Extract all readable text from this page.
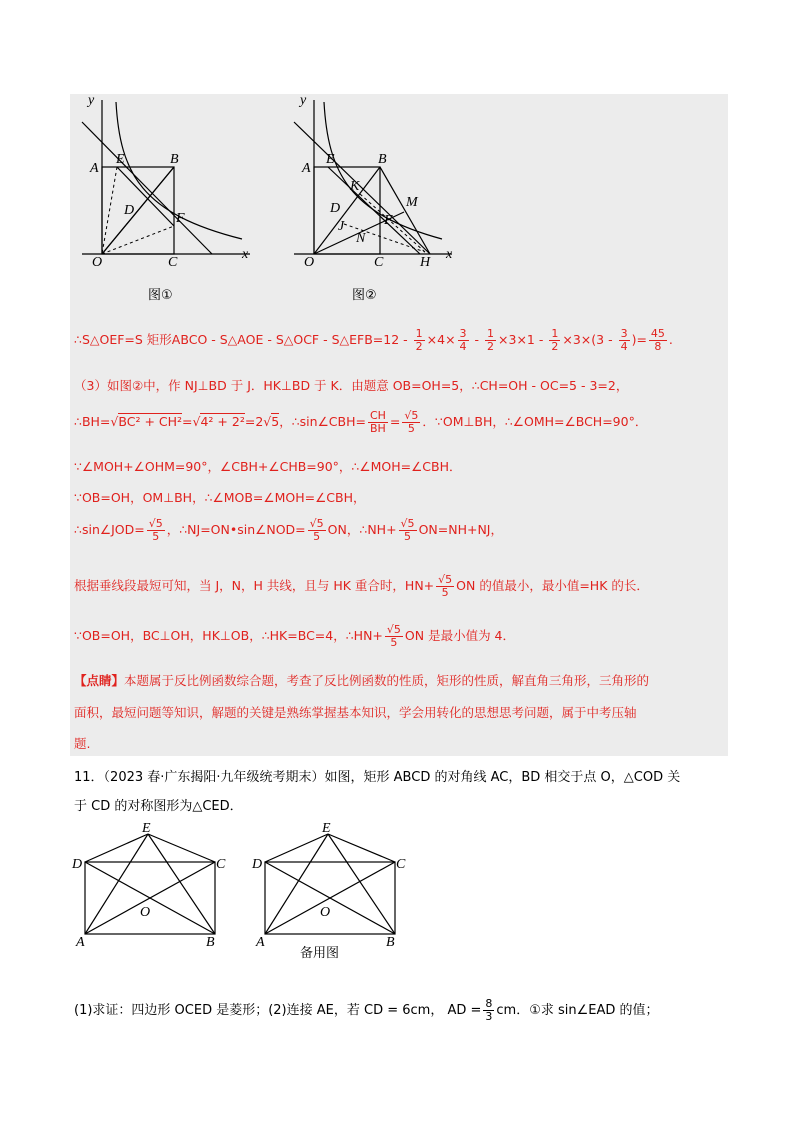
y
x
A
E	B
D
F
O	C
图①
y
x
A
E	B
K
M
D
J	F
N
O	C	H
图②
∴S△OEF=S 矩形ABCO - S△AOE - S△OCF - S△EFB=12 - $\frac{1}{2} \times 4\times \frac{3}{4} - \frac{1}{2} \times 3\times 1 - \frac{1}{2} \times 3\times(3 - \frac{3}{4}$ )= $\frac{45}{8}$ .
（3）如图②中，作 NJ⊥BD 于 J．HK⊥BD 于 K．由题意 OB=OH=5，∴CH=OH - OC=5 - 3=2，
∴BH=√BC² + CH²=√4² + 2²=2√5，∴sin∠CBH= $\frac{CH}{BH} = \frac{√5}{5}$ ．∵OM⊥BH，∴∠OMH=∠BCH=90°．
∵∠MOH+∠OHM=90°，∠CBH+∠CHB=90°，∴∠MOH=∠CBH．
∵OB=OH，OM⊥BH，∴∠MOB=∠MOH=∠CBH，
∴sin∠JOD= $\frac{√5}{5}$ ，∴NJ=ON•sin∠NOD= $\frac{√5}{5}$ ON，∴NH+ $\frac{√5}{5} ON=NH+NJ$，
根据垂线段最短可知，当 J，N，H 共线，且与 HK 重合时，$HN+ \frac{√5}{5}$ ON 的值最小，最小值=HK 的长．
∵OB=OH，BC⊥OH，HK⊥OB，∴HK=BC=4，∴HN+ $\frac{√5}{5}$ ON 是最小值为 4．
【点睛】本题属于反比例函数综合题，考查了反比例函数的性质，矩形的性质，解直角三角形，三角形的
面积，最短问题等知识，解题的关键是熟练掌握基本知识，学会用转化的思想思考问题，属于中考压轴
题.
11．（2023 春·广东揭阳·九年级统考期末）如图，矩形 ABCD 的对角线 AC，BD 相交于点 O，△COD 关
于 CD 的对称图形为△CED．
D	C
E
O
A	B
D	C
E
O
A	B
备用图
(1)求证：四边形 OCED 是菱形；(2)连接 AE，若 CD = 6cm， AD = $\frac{8}{3}$ cm．①求 sin∠EAD 的值；
